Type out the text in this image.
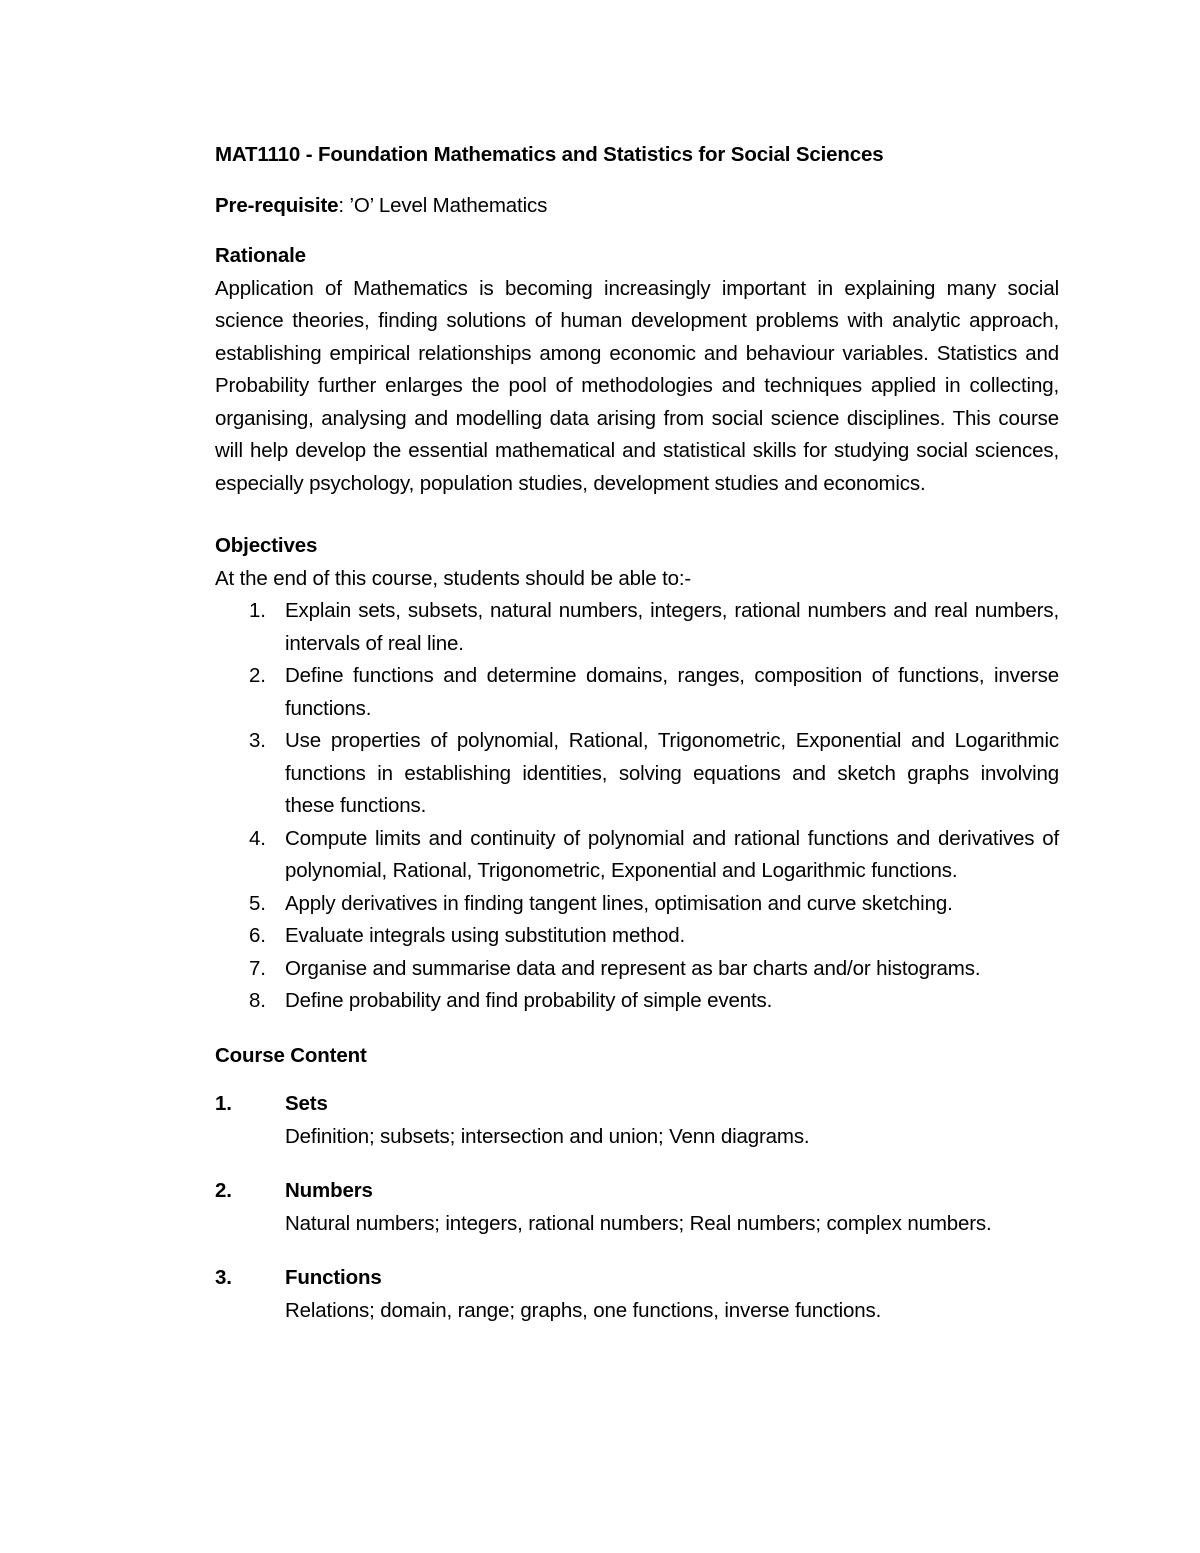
MAT1110 - Foundation Mathematics and Statistics for Social Sciences

Pre-requisite: ’O’ Level Mathematics

Rationale

Application of Mathematics is becoming increasingly important in explaining many social science theories, finding solutions of human development problems with analytic approach, establishing empirical relationships among economic and behaviour variables. Statistics and Probability further enlarges the pool of methodologies and techniques applied in collecting, organising, analysing and modelling data arising from social science disciplines. This course will help develop the essential mathematical and statistical skills for studying social sciences, especially psychology, population studies, development studies and economics.

Objectives

At the end of this course, students should be able to:-

1. Explain sets, subsets, natural numbers, integers, rational numbers and real numbers, intervals of real line.
2. Define functions and determine domains, ranges, composition of functions, inverse functions.
3. Use properties of polynomial, Rational, Trigonometric, Exponential and Logarithmic functions in establishing identities, solving equations and sketch graphs involving these functions.
4. Compute limits and continuity of polynomial and rational functions and derivatives of polynomial, Rational, Trigonometric, Exponential and Logarithmic functions.
5. Apply derivatives in finding tangent lines, optimisation and curve sketching.
6. Evaluate integrals using substitution method.
7. Organise and summarise data and represent as bar charts and/or histograms.
8. Define probability and find probability of simple events.

Course Content

1.	Sets
Definition; subsets; intersection and union; Venn diagrams.
2.	Numbers
Natural numbers; integers, rational numbers; Real numbers; complex numbers.
3.	Functions
Relations; domain, range; graphs, one functions, inverse functions.
